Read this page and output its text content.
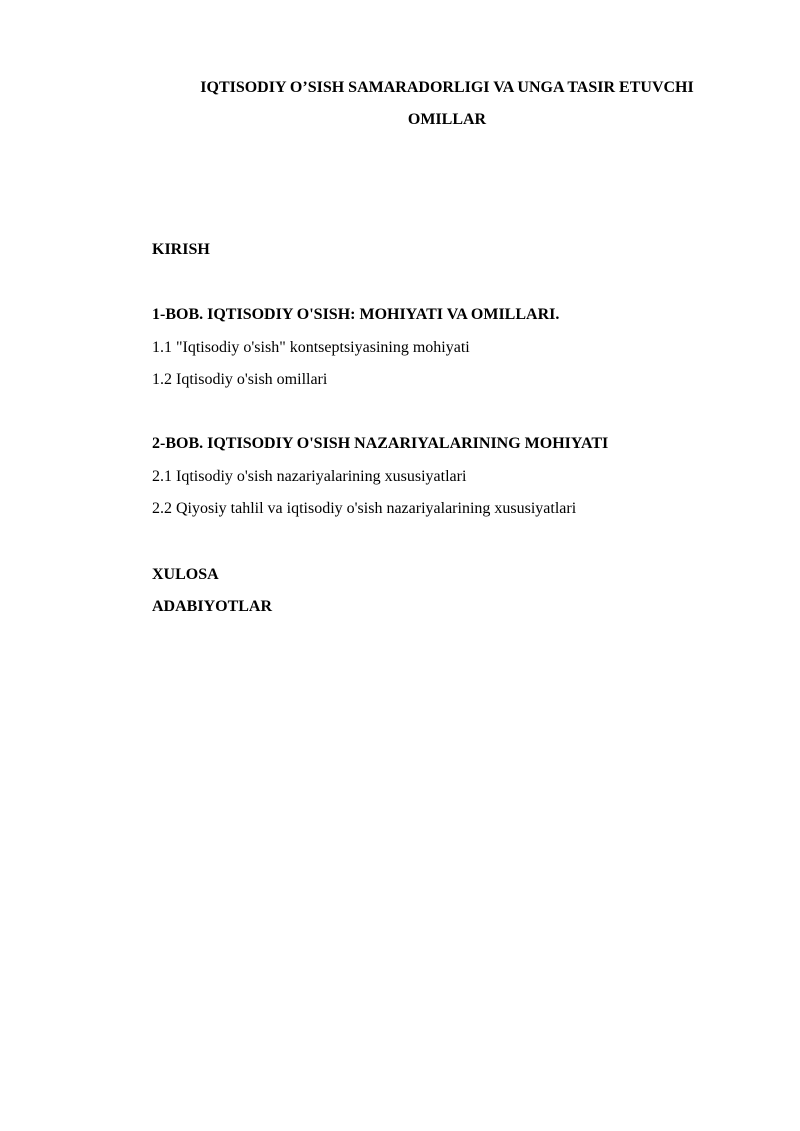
IQTISODIY O’SISH SAMARADORLIGI VA UNGA TASIR ETUVCHI
OMILLAR
KIRISH
1-BOB. IQTISODIY O'SISH: MOHIYATI VA OMILLARI.
1.1 "Iqtisodiy o'sish" kontseptsiyasining mohiyati
1.2 Iqtisodiy o'sish omillari
2-BOB. IQTISODIY O'SISH NAZARIYALARINING MOHIYATI
2.1 Iqtisodiy o'sish nazariyalarining xususiyatlari
2.2 Qiyosiy tahlil va iqtisodiy o'sish nazariyalarining xususiyatlari
XULOSA
ADABIYOTLAR
